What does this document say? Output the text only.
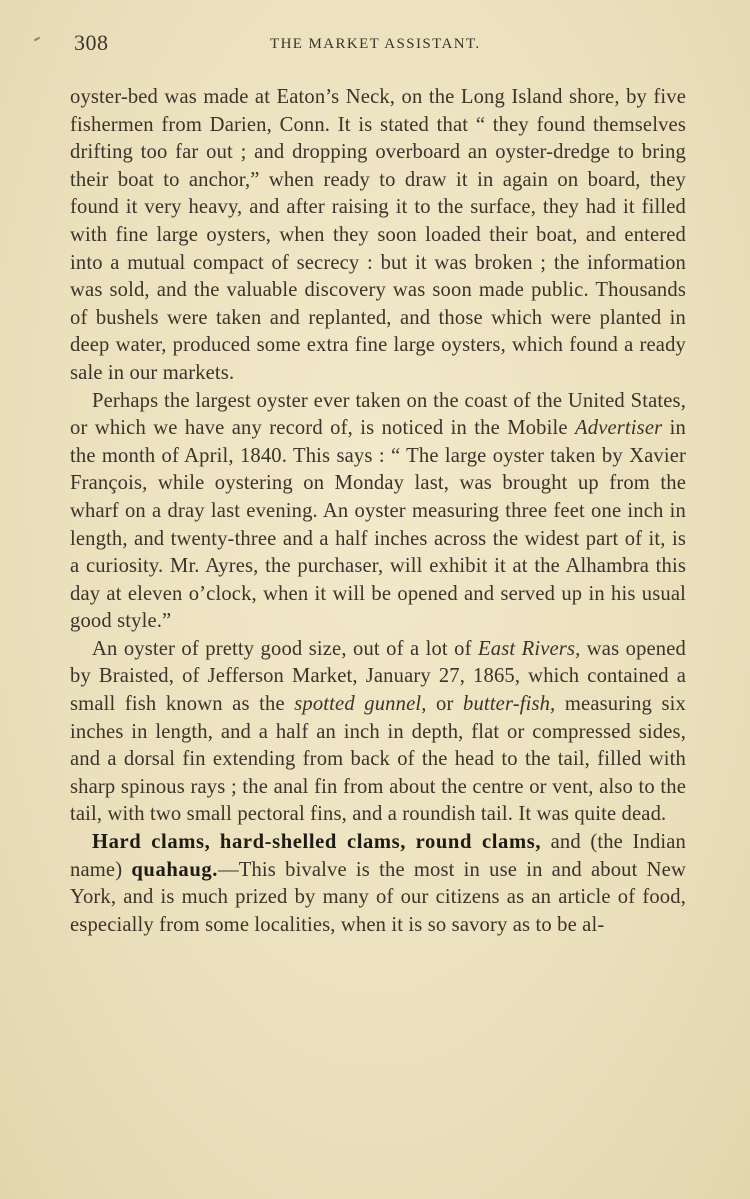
308	THE MARKET ASSISTANT.

oyster-bed was made at Eaton’s Neck, on the Long Island shore, by five fishermen from Darien, Conn. It is stated that “ they found themselves drifting too far out ; and dropping overboard an oyster-dredge to bring their boat to anchor,” when ready to draw it in again on board, they found it very heavy, and after raising it to the surface, they had it filled with fine large oysters, when they soon loaded their boat, and entered into a mutual compact of secrecy : but it was broken ; the information was sold, and the valuable discovery was soon made public. Thousands of bushels were taken and replanted, and those which were planted in deep water, produced some extra fine large oysters, which found a ready sale in our markets.

Perhaps the largest oyster ever taken on the coast of the United States, or which we have any record of, is noticed in the Mobile Advertiser in the month of April, 1840. This says : “ The large oyster taken by Xavier François, while oystering on Monday last, was brought up from the wharf on a dray last evening. An oyster measuring three feet one inch in length, and twenty-three and a half inches across the widest part of it, is a curiosity. Mr. Ayres, the purchaser, will exhibit it at the Alhambra this day at eleven o’clock, when it will be opened and served up in his usual good style.”

An oyster of pretty good size, out of a lot of East Rivers, was opened by Braisted, of Jefferson Market, January 27, 1865, which contained a small fish known as the spotted gunnel, or butter-fish, measuring six inches in length, and a half an inch in depth, flat or compressed sides, and a dorsal fin extending from back of the head to the tail, filled with sharp spinous rays ; the anal fin from about the centre or vent, also to the tail, with two small pectoral fins, and a roundish tail. It was quite dead.

Hard clams, hard-shelled clams, round clams, and (the Indian name) quahaug.—This bivalve is the most in use in and about New York, and is much prized by many of our citizens as an article of food, especially from some localities, when it is so savory as to be al-
